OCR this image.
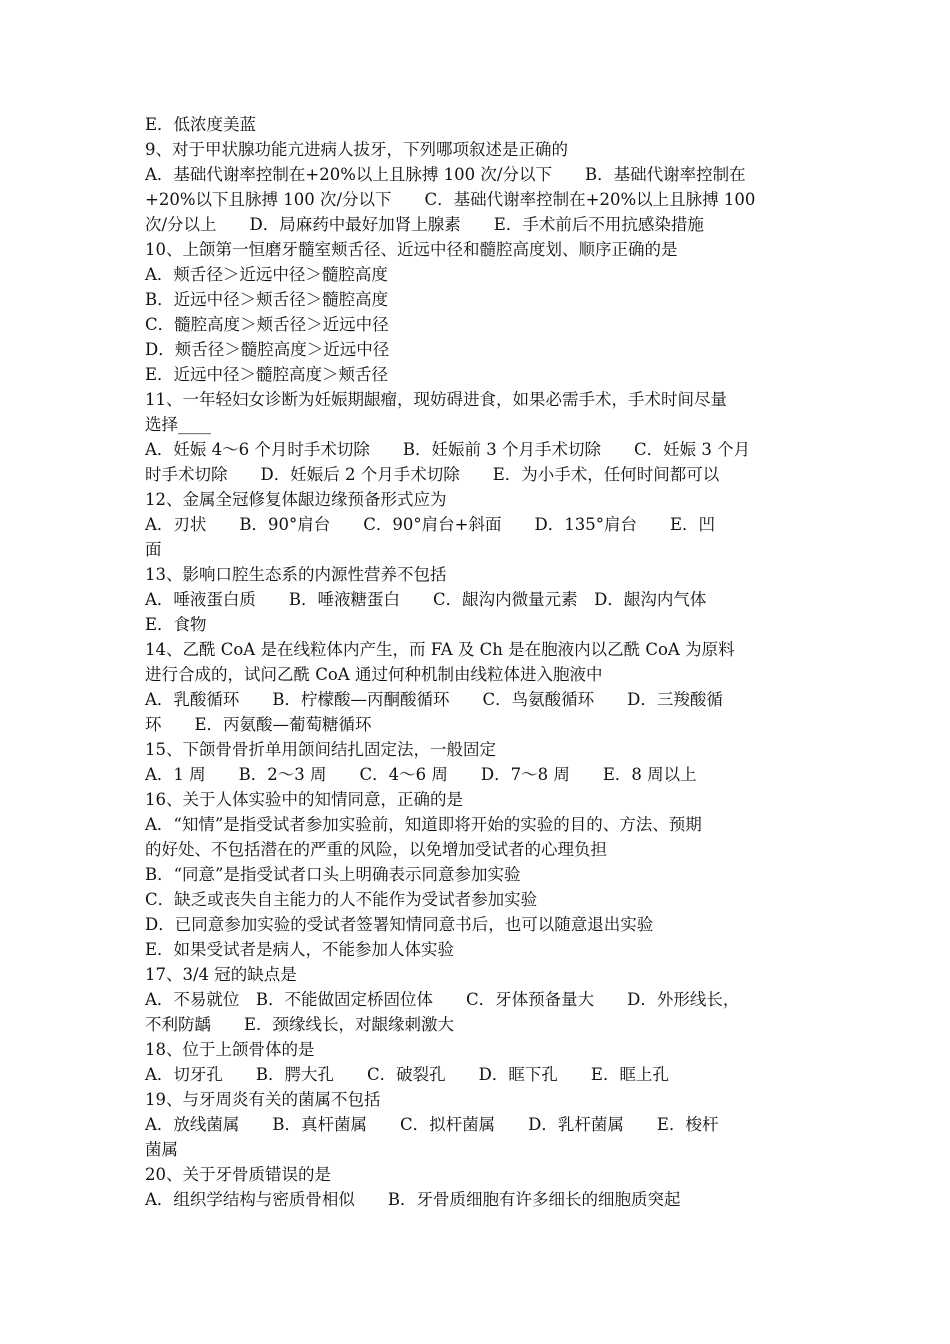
E．低浓度美蓝
9、对于甲状腺功能亢进病人拔牙，下列哪项叙述是正确的
A．基础代谢率控制在+20%以上且脉搏 100 次/分以下　　B．基础代谢率控制在
+20%以下且脉搏 100 次/分以下　　C．基础代谢率控制在+20%以上且脉搏 100
次/分以上　　D．局麻药中最好加肾上腺素　　E．手术前后不用抗感染措施
10、上颌第一恒磨牙髓室颊舌径、近远中径和髓腔高度划、顺序正确的是
A．颊舌径＞近远中径＞髓腔高度
B．近远中径＞颊舌径＞髓腔高度
C．髓腔高度＞颊舌径＞近远中径
D．颊舌径＞髓腔高度＞近远中径
E．近远中径＞髓腔高度＞颊舌径
11、一年轻妇女诊断为妊娠期龈瘤，现妨碍进食，如果必需手术，手术时间尽量
选择____
A．妊娠 4～6 个月时手术切除　　B．妊娠前 3 个月手术切除　　C．妊娠 3 个月
时手术切除　　D．妊娠后 2 个月手术切除　　E．为小手术，任何时间都可以
12、金属全冠修复体龈边缘预备形式应为
A．刃状　　B．90°肩台　　C．90°肩台+斜面　　D．135°肩台　　E．凹
面
13、影响口腔生态系的内源性营养不包括
A．唾液蛋白质　　B．唾液糖蛋白　　C．龈沟内微量元素　D．龈沟内气体
E．食物
14、乙酰 CoA 是在线粒体内产生，而 FA 及 Ch 是在胞液内以乙酰 CoA 为原料
进行合成的，试问乙酰 CoA 通过何种机制由线粒体进入胞液中
A．乳酸循环　　B．柠檬酸—丙酮酸循环　　C．鸟氨酸循环　　D．三羧酸循
环　　E．丙氨酸—葡萄糖循环
15、下颌骨骨折单用颌间结扎固定法，一般固定
A．1 周　　B．2～3 周　　C．4～6 周　　D．7～8 周　　E．8 周以上
16、关于人体实验中的知情同意，正确的是
A．“知情”是指受试者参加实验前，知道即将开始的实验的目的、方法、预期
的好处、不包括潜在的严重的风险，以免增加受试者的心理负担
B．“同意”是指受试者口头上明确表示同意参加实验
C．缺乏或丧失自主能力的人不能作为受试者参加实验
D．已同意参加实验的受试者签署知情同意书后，也可以随意退出实验
E．如果受试者是病人，不能参加人体实验
17、3/4 冠的缺点是
A．不易就位　B．不能做固定桥固位体　　C．牙体预备量大　　D．外形线长，
不利防龋　　E．颈缘线长，对龈缘刺激大
18、位于上颌骨体的是
A．切牙孔　　B．腭大孔　　C．破裂孔　　D．眶下孔　　E．眶上孔
19、与牙周炎有关的菌属不包括
A．放线菌属　　B．真杆菌属　　C．拟杆菌属　　D．乳杆菌属　　E．梭杆
菌属
20、关于牙骨质错误的是
A．组织学结构与密质骨相似　　B．牙骨质细胞有许多细长的细胞质突起
